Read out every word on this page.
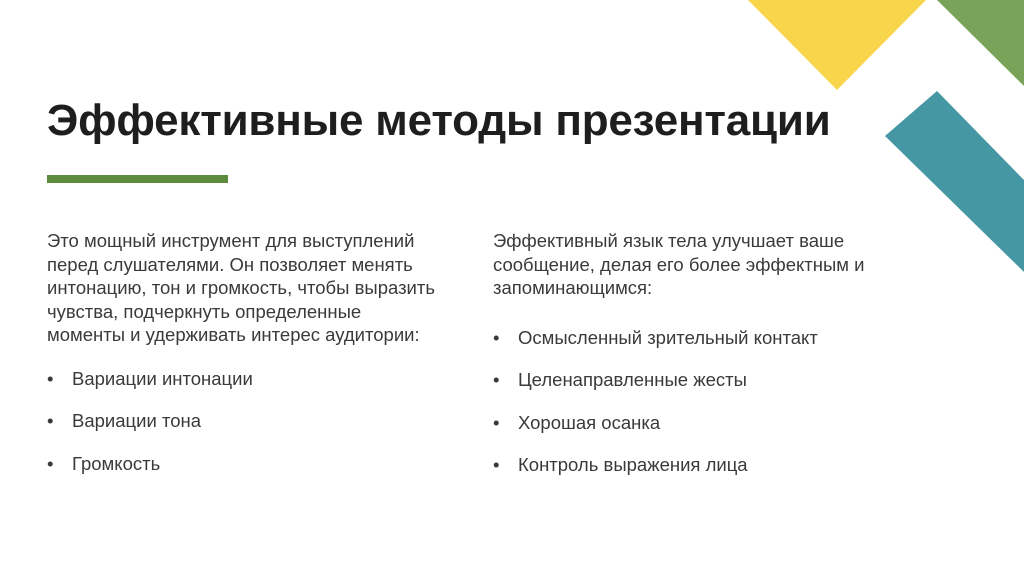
Эффективные методы презентации

Это мощный инструмент для выступлений перед слушателями. Он позволяет менять интонацию, тон и громкость, чтобы выразить чувства, подчеркнуть определенные моменты и удерживать интерес аудитории:

• Вариации интонации
• Вариации тона
• Громкость

Эффективный язык тела улучшает ваше сообщение, делая его более эффектным и запоминающимся:

• Осмысленный зрительный контакт
• Целенаправленные жесты
• Хорошая осанка
• Контроль выражения лица
